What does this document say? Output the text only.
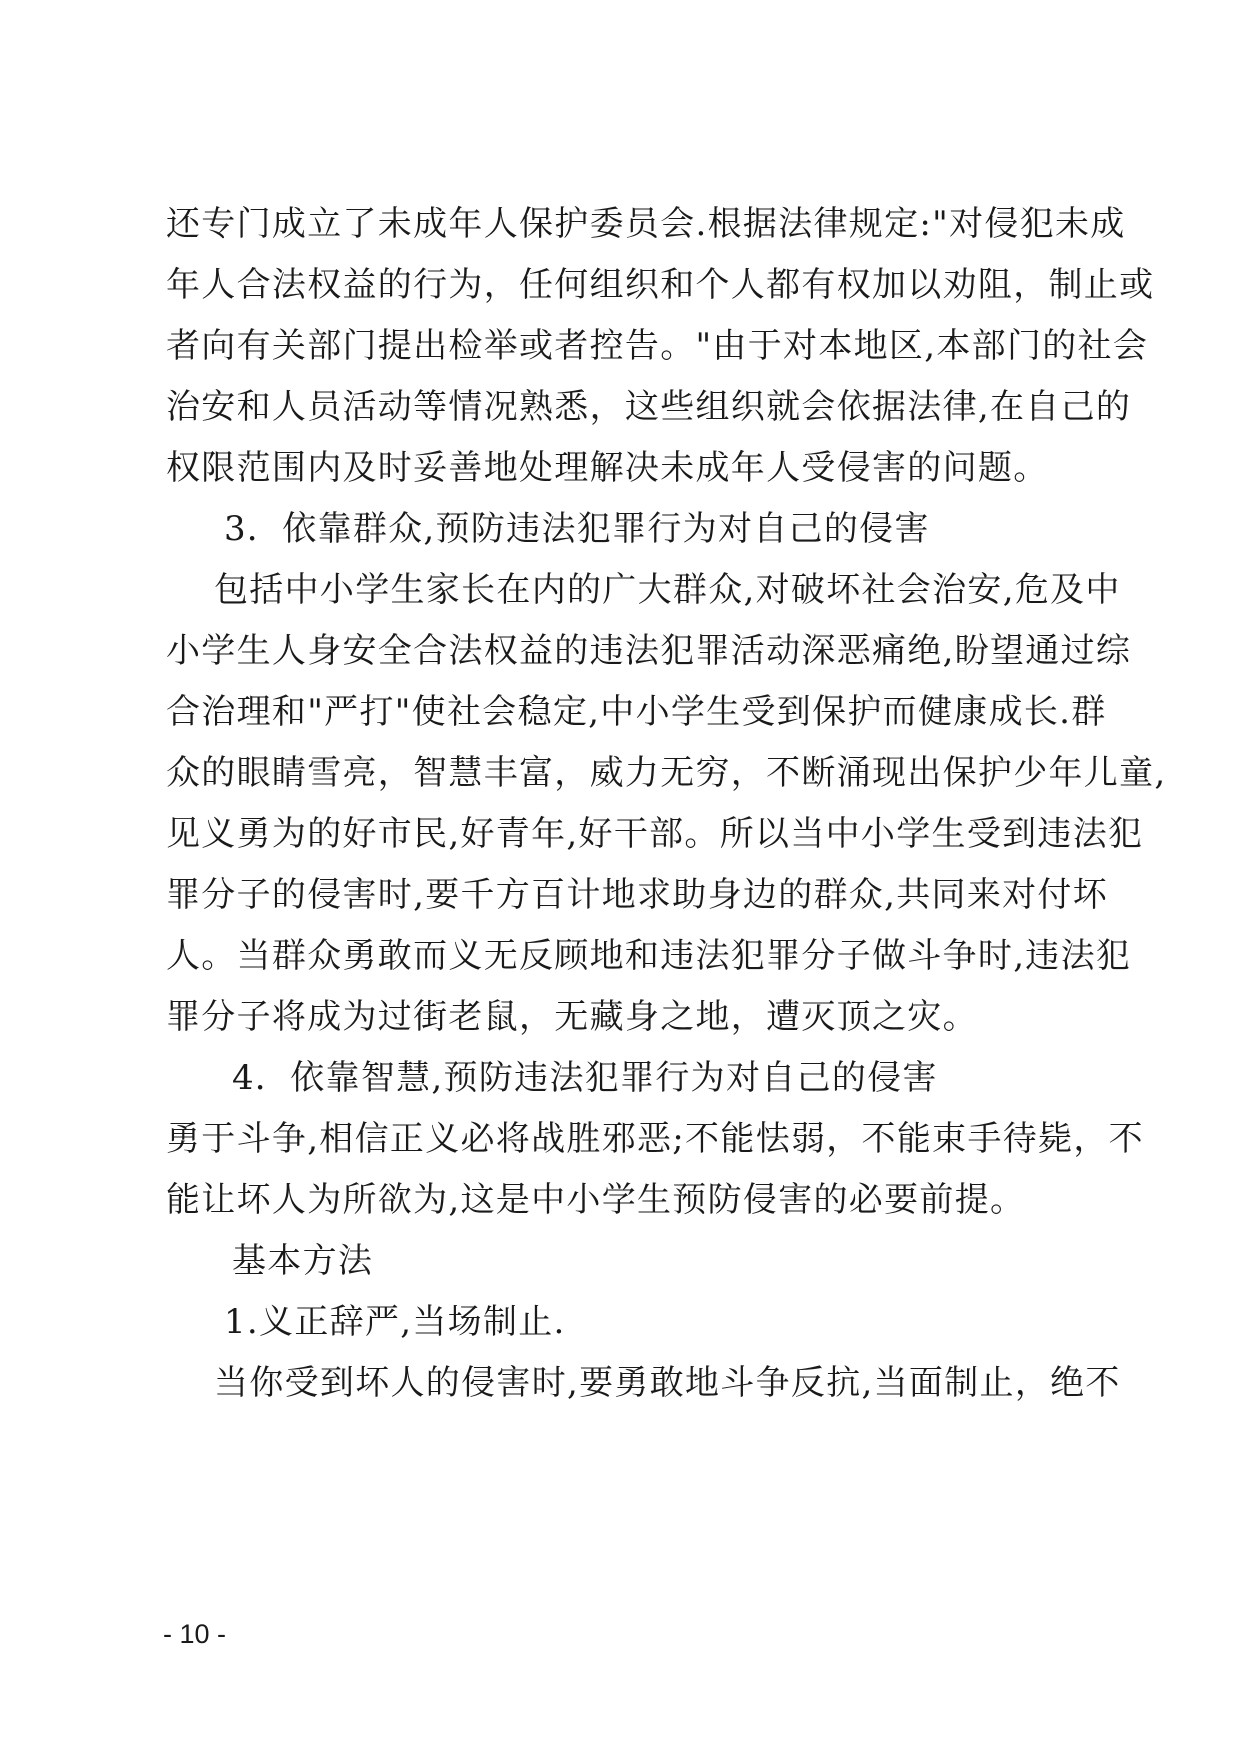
还专门成立了未成年人保护委员会.根据法律规定:"对侵犯未成
年人合法权益的行为，任何组织和个人都有权加以劝阻，制止或
者向有关部门提出检举或者控告。"由于对本地区,本部门的社会
治安和人员活动等情况熟悉，这些组织就会依据法律,在自己的
权限范围内及时妥善地处理解决未成年人受侵害的问题。
3．依靠群众,预防违法犯罪行为对自己的侵害
包括中小学生家长在内的广大群众,对破坏社会治安,危及中
小学生人身安全合法权益的违法犯罪活动深恶痛绝,盼望通过综
合治理和"严打"使社会稳定,中小学生受到保护而健康成长.群
众的眼睛雪亮，智慧丰富，威力无穷，不断涌现出保护少年儿童,
见义勇为的好市民,好青年,好干部。所以当中小学生受到违法犯
罪分子的侵害时,要千方百计地求助身边的群众,共同来对付坏
人。当群众勇敢而义无反顾地和违法犯罪分子做斗争时,违法犯
罪分子将成为过街老鼠，无藏身之地，遭灭顶之灾。
4．依靠智慧,预防违法犯罪行为对自己的侵害
勇于斗争,相信正义必将战胜邪恶;不能怯弱，不能束手待毙，不
能让坏人为所欲为,这是中小学生预防侵害的必要前提。
基本方法
1.义正辞严,当场制止.
当你受到坏人的侵害时,要勇敢地斗争反抗,当面制止，绝不
- 10 -
